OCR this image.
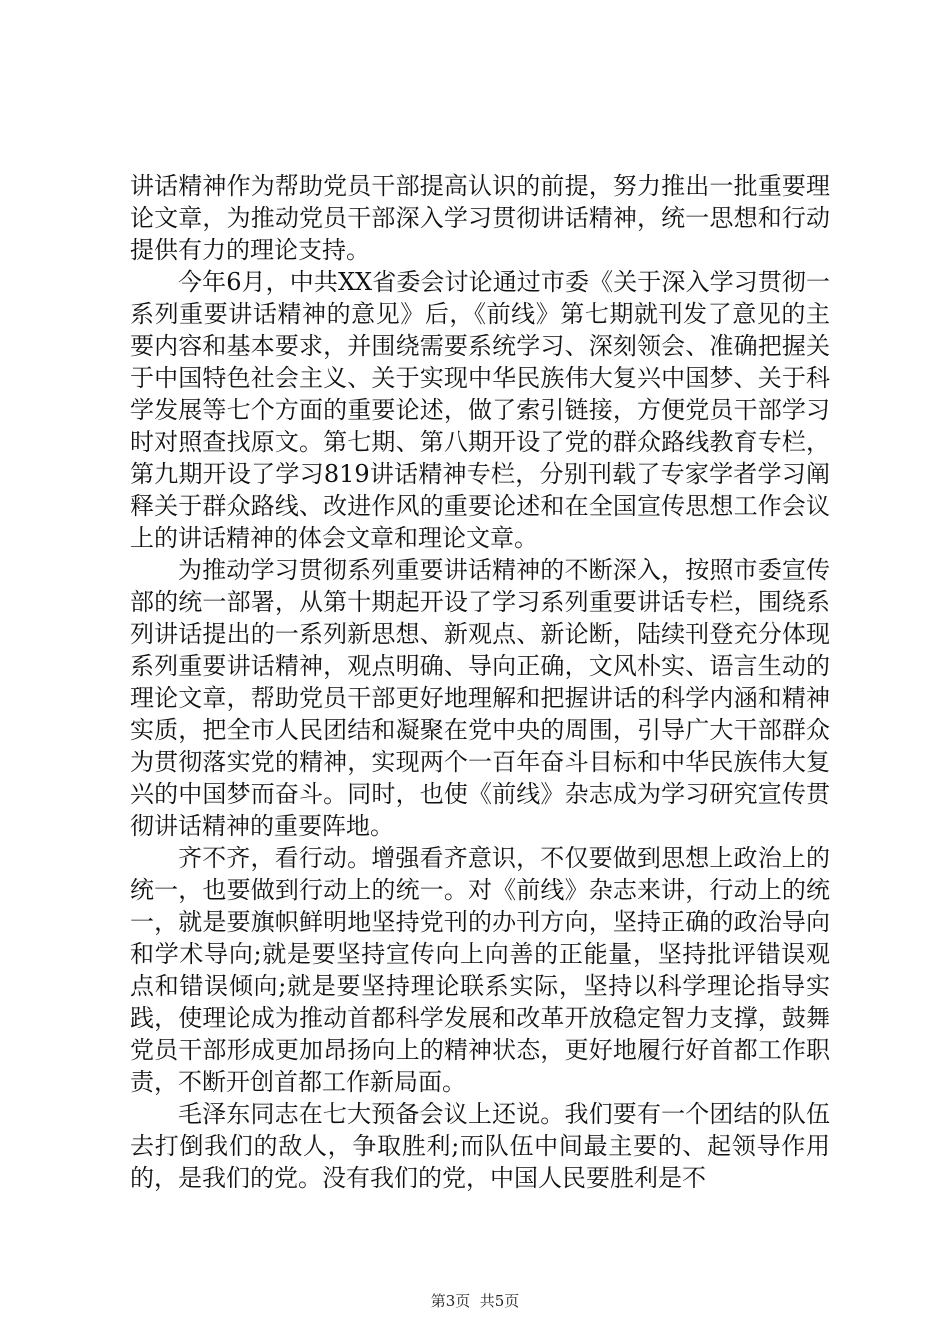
讲话精神作为帮助党员干部提高认识的前提，努力推出一批重要理论文章，为推动党员干部深入学习贯彻讲话精神，统一思想和行动提供有力的理论支持。

今年6月，中共XX省委会讨论通过市委《关于深入学习贯彻一系列重要讲话精神的意见》后，《前线》第七期就刊发了意见的主要内容和基本要求，并围绕需要系统学习、深刻领会、准确把握关于中国特色社会主义、关于实现中华民族伟大复兴中国梦、关于科学发展等七个方面的重要论述，做了索引链接，方便党员干部学习时对照查找原文。第七期、第八期开设了党的群众路线教育专栏，第九期开设了学习819讲话精神专栏，分别刊载了专家学者学习阐释关于群众路线、改进作风的重要论述和在全国宣传思想工作会议上的讲话精神的体会文章和理论文章。

为推动学习贯彻系列重要讲话精神的不断深入，按照市委宣传部的统一部署，从第十期起开设了学习系列重要讲话专栏，围绕系列讲话提出的一系列新思想、新观点、新论断，陆续刊登充分体现系列重要讲话精神，观点明确、导向正确，文风朴实、语言生动的理论文章，帮助党员干部更好地理解和把握讲话的科学内涵和精神实质，把全市人民团结和凝聚在党中央的周围，引导广大干部群众为贯彻落实党的精神，实现两个一百年奋斗目标和中华民族伟大复兴的中国梦而奋斗。同时，也使《前线》杂志成为学习研究宣传贯彻讲话精神的重要阵地。

齐不齐，看行动。增强看齐意识，不仅要做到思想上政治上的统一，也要做到行动上的统一。对《前线》杂志来讲，行动上的统一，就是要旗帜鲜明地坚持党刊的办刊方向，坚持正确的政治导向和学术导向;就是要坚持宣传向上向善的正能量，坚持批评错误观点和错误倾向;就是要坚持理论联系实际，坚持以科学理论指导实践，使理论成为推动首都科学发展和改革开放稳定智力支撑，鼓舞党员干部形成更加昂扬向上的精神状态，更好地履行好首都工作职责，不断开创首都工作新局面。

毛泽东同志在七大预备会议上还说。我们要有一个团结的队伍去打倒我们的敌人，争取胜利;而队伍中间最主要的、起领导作用的，是我们的党。没有我们的党，中国人民要胜利是不

第3页  共5页
